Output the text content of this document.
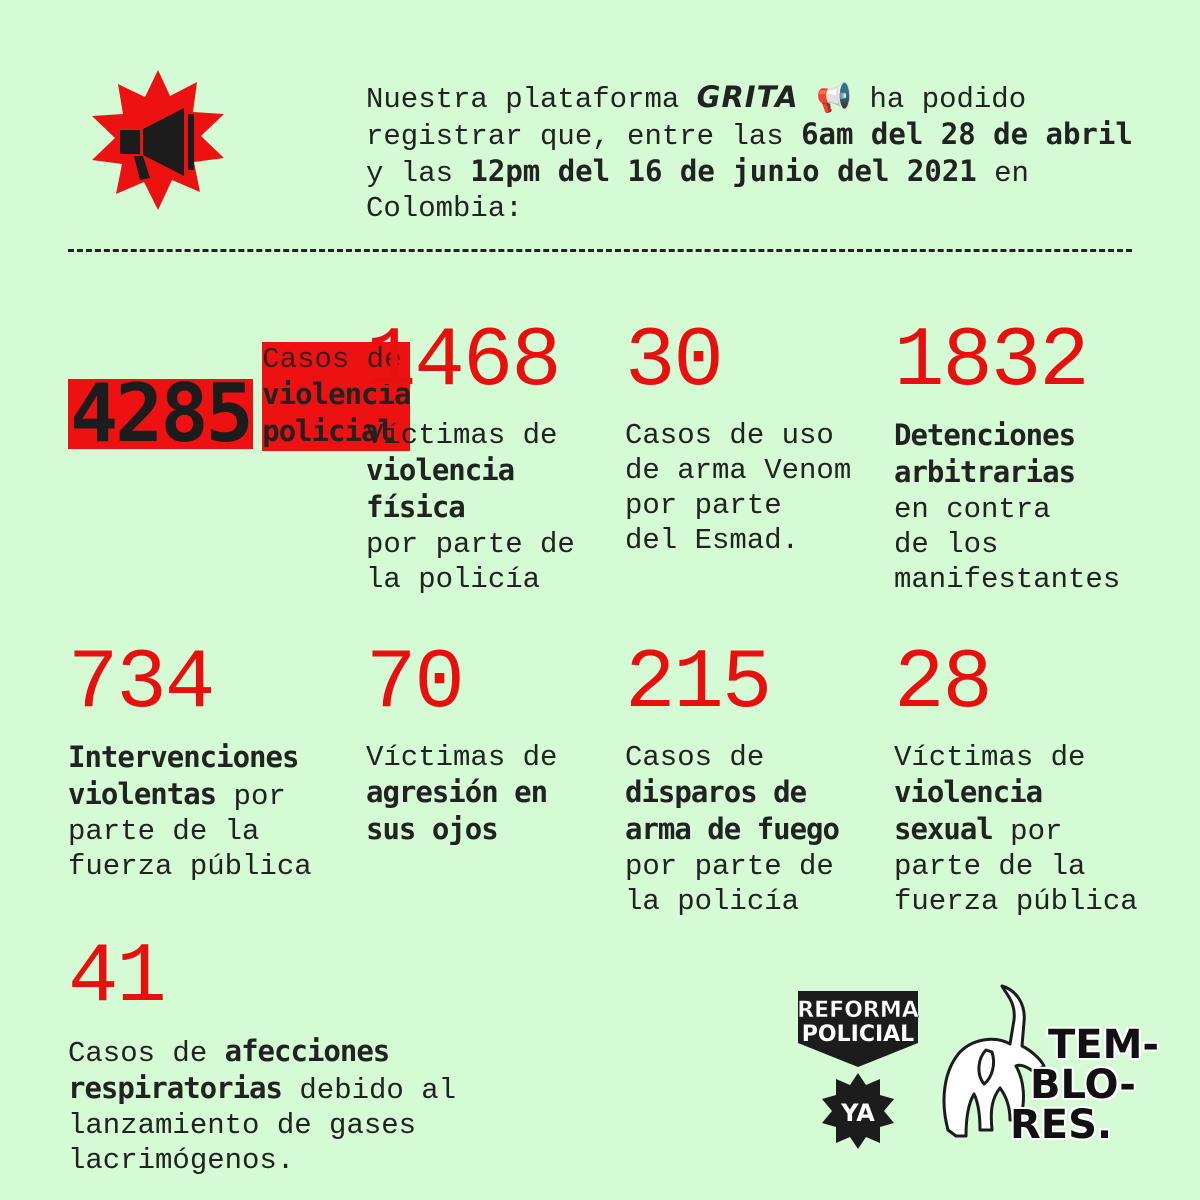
Nuestra plataforma GRITA 📢 ha podido registrar que, entre las 6am del 28 de abril y las 12pm del 16 de junio del 2021 en Colombia:
4285 Casos de
violencia
policial
1468
Víctimas de
violencia
física
por parte de
la policía
30
Casos de uso
de arma Venom
por parte
del Esmad.
1832
Detenciones
arbitrarias
en contra
de los
manifestantes
734
Intervenciones
violentas por
parte de la
fuerza pública
70
Víctimas de
agresión en
sus ojos
215
Casos de
disparos de
arma de fuego
por parte de
la policía
28
Víctimas de
violencia
sexual por
parte de la
fuerza pública
41
Casos de afecciones
respiratorias debido al
lanzamiento de gases
lacrimógenos.
REFORMA
POLICIAL
YA
TEM-
BLO-
RES.
